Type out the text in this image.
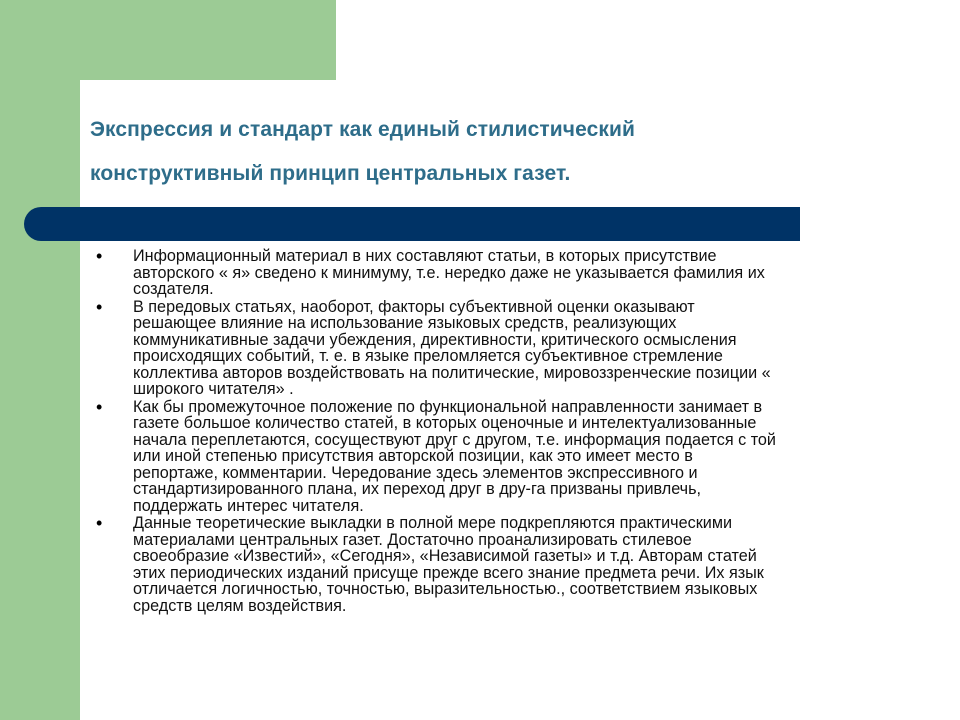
Экспрессия и стандарт как единый стилистический
конструктивный принцип центральных газет.
• Информационный материал в них составляют статьи, в которых присутствие
авторского « я» сведено к минимуму, т.е. нередко даже не указывается фамилия их
создателя.
• В передовых статьях, наоборот, факторы субъективной оценки оказывают
решающее влияние на использование языковых средств, реализующих
коммуникативные задачи убеждения, директивности, критического осмысления
происходящих событий, т. е. в языке преломляется субъективное стремление
коллектива авторов воздействовать на политические, мировоззренческие позиции «
широкого читателя» .
• Как бы промежуточное положение по функциональной направленности занимает в
газете большое количество статей, в которых оценочные и интелектуализованные
начала переплетаются, сосуществуют друг с другом, т.е. информация подается с той
или иной степенью присутствия авторской позиции, как это имеет место в
репортаже, комментарии. Чередование здесь элементов экспрессивного и
стандартизированного плана, их переход друг в дру-га призваны привлечь,
поддержать интерес читателя.
• Данные теоретические выкладки в полной мере подкрепляются практическими
материалами центральных газет. Достаточно проанализировать стилевое
своеобразие «Известий», «Сегодня», «Независимой газеты» и т.д. Авторам статей
этих периодических изданий присуще прежде всего знание предмета речи. Их язык
отличается логичностью, точностью, выразительностью., соответствием языковых
средств целям воздействия.
